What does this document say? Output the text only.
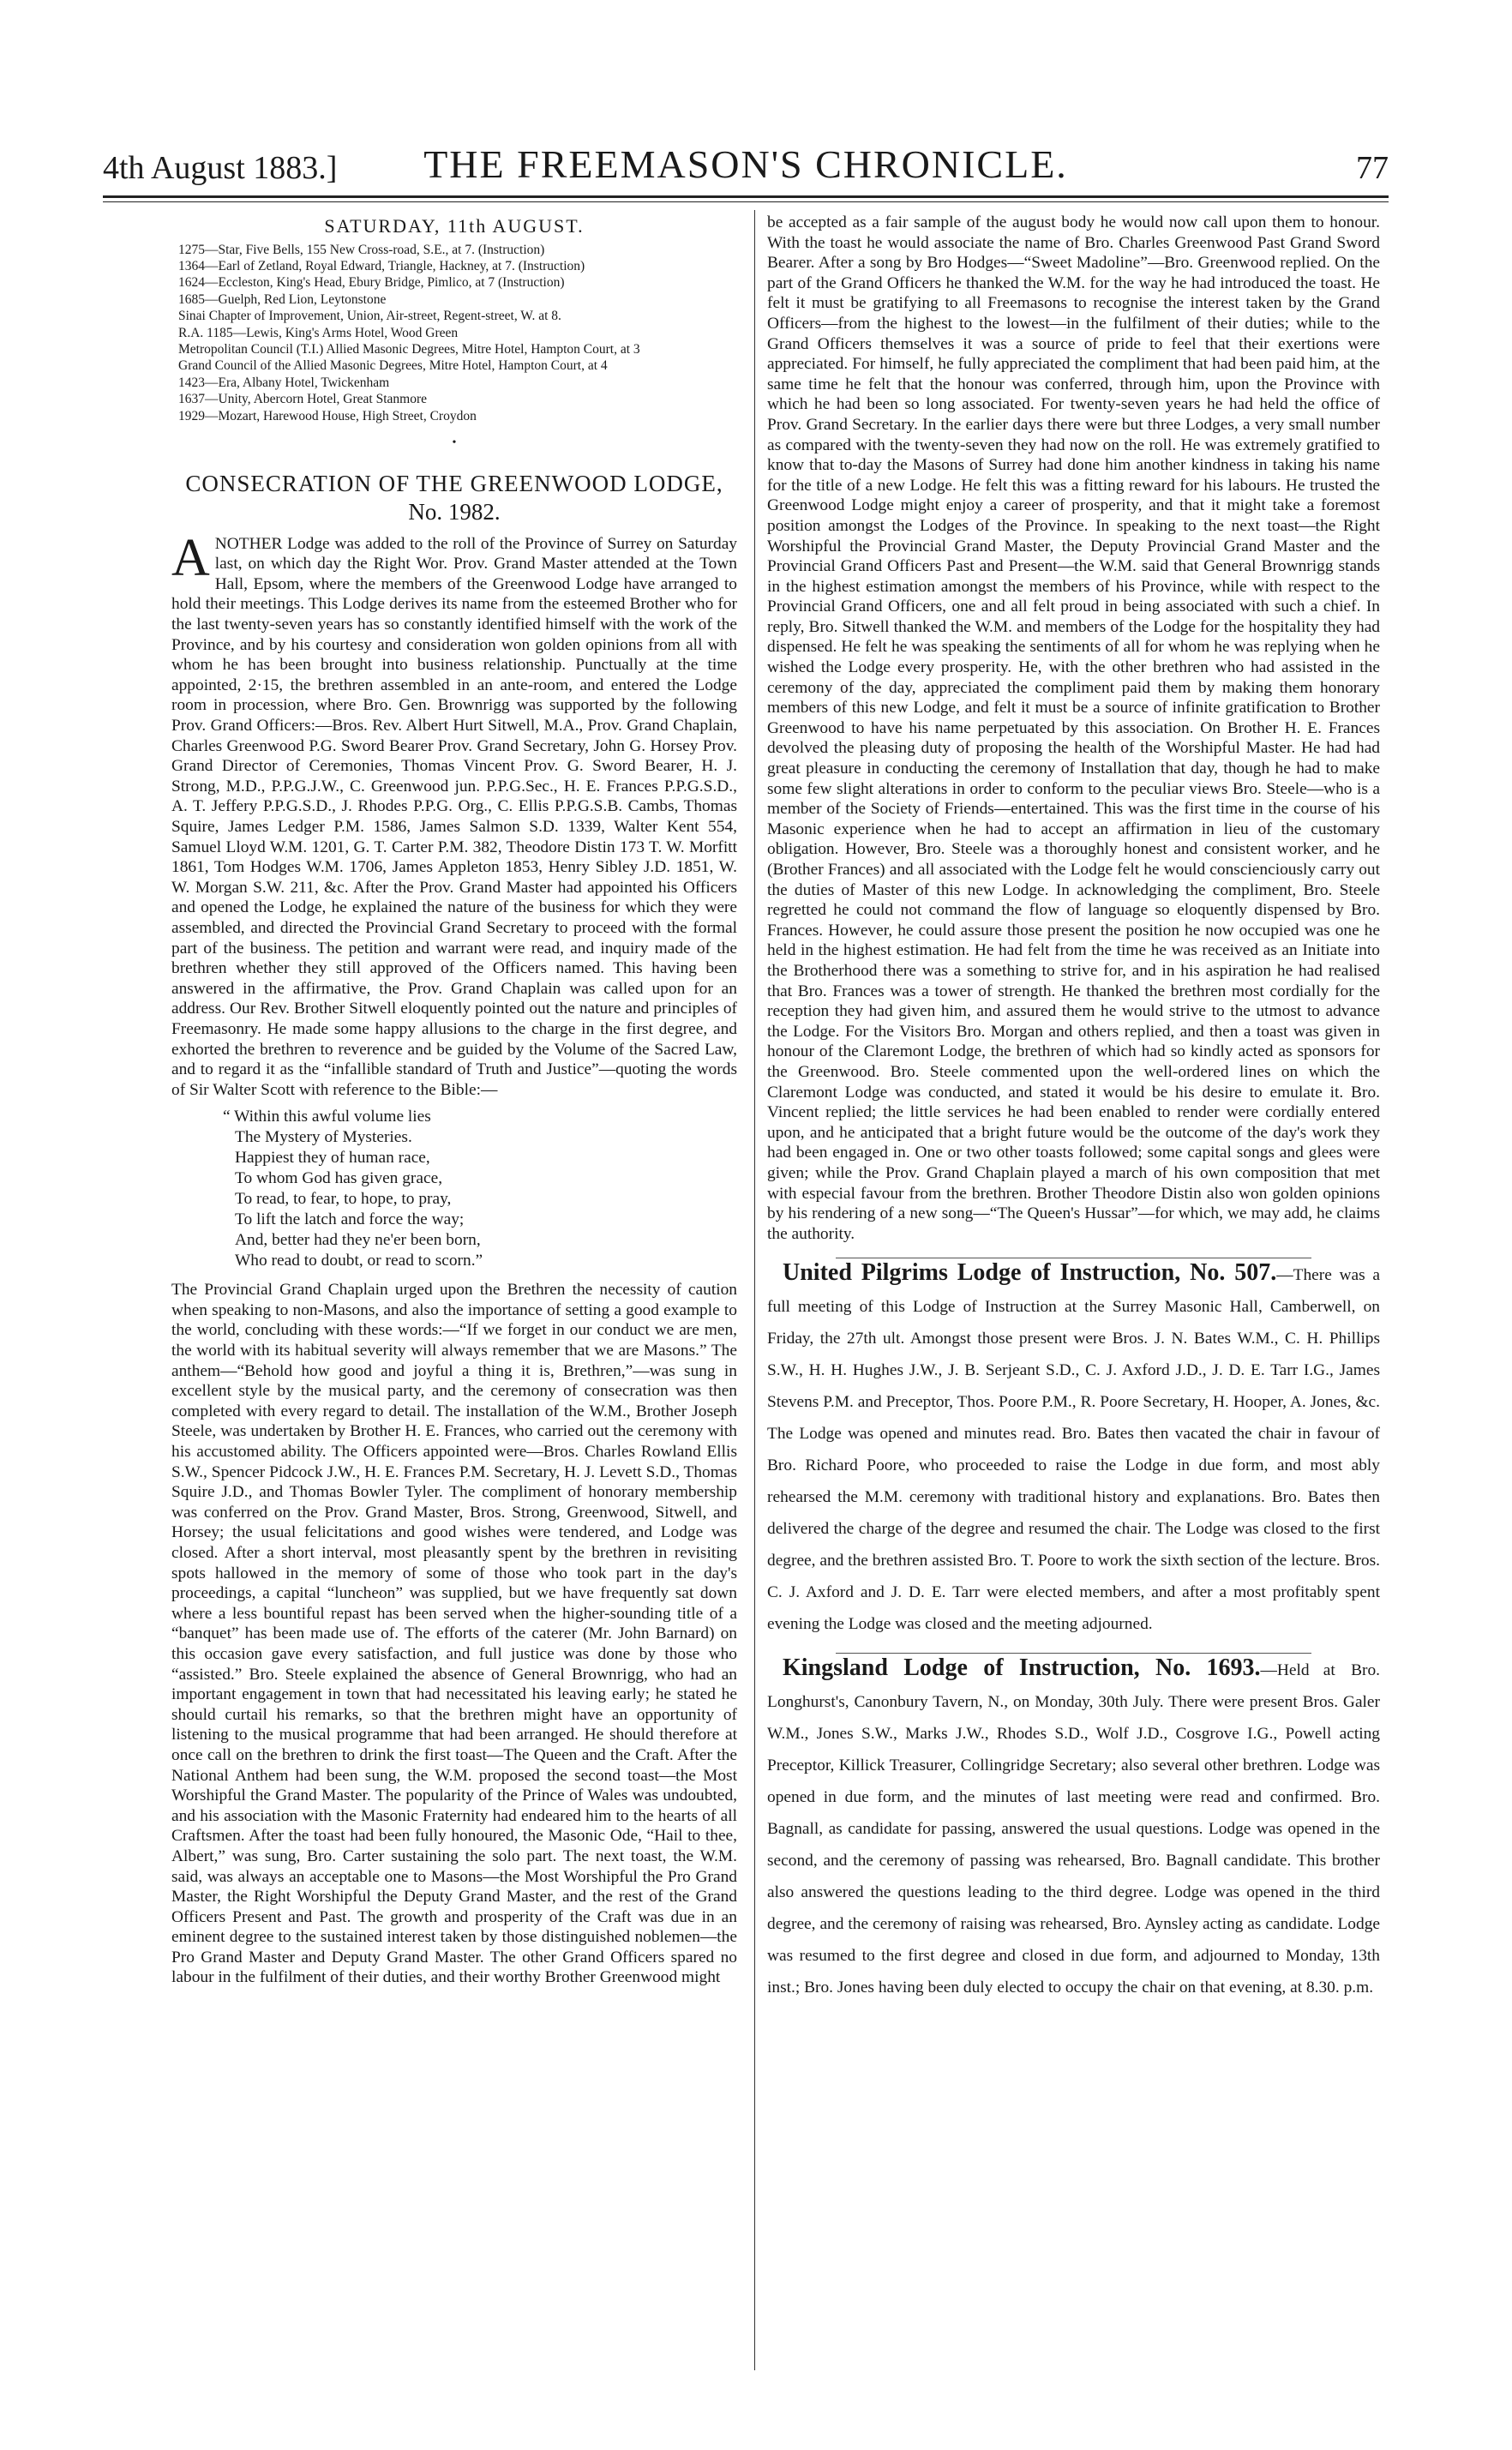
4th August 1883.]	THE FREEMASON'S CHRONICLE.	77
SATURDAY, 11th AUGUST.
1275—Star, Five Bells, 155 New Cross-road, S.E., at 7. (Instruction)
1364—Earl of Zetland, Royal Edward, Triangle, Hackney, at 7. (Instruction)
1624—Eccleston, King's Head, Ebury Bridge, Pimlico, at 7 (Instruction)
1685—Guelph, Red Lion, Leytonstone
Sinai Chapter of Improvement, Union, Air-street, Regent-street, W. at 8.
R.A. 1185—Lewis, King's Arms Hotel, Wood Green
Metropolitan Council (T.I.) Allied Masonic Degrees, Mitre Hotel, Hampton Court, at 3
Grand Council of the Allied Masonic Degrees, Mitre Hotel, Hampton Court, at 4
1423—Era, Albany Hotel, Twickenham
1637—Unity, Abercorn Hotel, Great Stanmore
1929—Mozart, Harewood House, High Street, Croydon
•
CONSECRATION OF THE GREENWOOD LODGE,
No. 1982.

ANOTHER Lodge was added to the roll of the Province of Surrey on Saturday last, on which day the Right Wor. Prov. Grand Master attended at the Town Hall, Epsom, where the members of the Greenwood Lodge have arranged to hold their meetings. This Lodge derives its name from the esteemed Brother who for the last twenty-seven years has so constantly identified himself with the work of the Province, and by his courtesy and consideration won golden opinions from all with whom he has been brought into business relationship. Punctually at the time appointed, 2·15, the brethren assembled in an ante-room, and entered the Lodge room in procession, where Bro. Gen. Brownrigg was supported by the following Prov. Grand Officers:—Bros. Rev. Albert Hurt Sitwell, M.A., Prov. Grand Chaplain, Charles Greenwood P.G. Sword Bearer Prov. Grand Secretary, John G. Horsey Prov. Grand Director of Ceremonies, Thomas Vincent Prov. G. Sword Bearer, H. J. Strong, M.D., P.P.G.J.W., C. Greenwood jun. P.P.G.Sec., H. E. Frances P.P.G.S.D., A. T. Jeffery P.P.G.S.D., J. Rhodes P.P.G. Org., C. Ellis P.P.G.S.B. Cambs, Thomas Squire, James Ledger P.M. 1586, James Salmon S.D. 1339, Walter Kent 554, Samuel Lloyd W.M. 1201, G. T. Carter P.M. 382, Theodore Distin 173 T. W. Morfitt 1861, Tom Hodges W.M. 1706, James Appleton 1853, Henry Sibley J.D. 1851, W. W. Morgan S.W. 211, &c. After the Prov. Grand Master had appointed his Officers and opened the Lodge, he explained the nature of the business for which they were assembled, and directed the Provincial Grand Secretary to proceed with the formal part of the business. The petition and warrant were read, and inquiry made of the brethren whether they still approved of the Officers named. This having been answered in the affirmative, the Prov. Grand Chaplain was called upon for an address. Our Rev. Brother Sitwell eloquently pointed out the nature and principles of Freemasonry. He made some happy allusions to the charge in the first degree, and exhorted the brethren to reverence and be guided by the Volume of the Sacred Law, and to regard it as the “infallible standard of Truth and Justice”—quoting the words of Sir Walter Scott with reference to the Bible:—

“ Within this awful volume lies
The Mystery of Mysteries.
Happiest they of human race,
To whom God has given grace,
To read, to fear, to hope, to pray,
To lift the latch and force the way;
And, better had they ne'er been born,
Who read to doubt, or read to scorn.”

The Provincial Grand Chaplain urged upon the Brethren the necessity of caution when speaking to non-Masons, and also the importance of setting a good example to the world, concluding with these words:—“If we forget in our conduct we are men, the world with its habitual severity will always remember that we are Masons.” The anthem—“Behold how good and joyful a thing it is, Brethren,”—was sung in excellent style by the musical party, and the ceremony of consecration was then completed with every regard to detail. The installation of the W.M., Brother Joseph Steele, was undertaken by Brother H. E. Frances, who carried out the ceremony with his accustomed ability. The Officers appointed were—Bros. Charles Rowland Ellis S.W., Spencer Pidcock J.W., H. E. Frances P.M. Secretary, H. J. Levett S.D., Thomas Squire J.D., and Thomas Bowler Tyler. The compliment of honorary membership was conferred on the Prov. Grand Master, Bros. Strong, Greenwood, Sitwell, and Horsey; the usual felicitations and good wishes were tendered, and Lodge was closed. After a short interval, most pleasantly spent by the brethren in revisiting spots hallowed in the memory of some of those who took part in the day's proceedings, a capital “luncheon” was supplied, but we have frequently sat down where a less bountiful repast has been served when the higher-sounding title of a “banquet” has been made use of. The efforts of the caterer (Mr. John Barnard) on this occasion gave every satisfaction, and full justice was done by those who “assisted.” Bro. Steele explained the absence of General Brownrigg, who had an important engagement in town that had necessitated his leaving early; he stated he should curtail his remarks, so that the brethren might have an opportunity of listening to the musical programme that had been arranged. He should therefore at once call on the brethren to drink the first toast—The Queen and the Craft. After the National Anthem had been sung, the W.M. proposed the second toast—the Most Worshipful the Grand Master. The popularity of the Prince of Wales was undoubted, and his association with the Masonic Fraternity had endeared him to the hearts of all Craftsmen. After the toast had been fully honoured, the Masonic Ode, “Hail to thee, Albert,” was sung, Bro. Carter sustaining the solo part. The next toast, the W.M. said, was always an acceptable one to Masons—the Most Worshipful the Pro Grand Master, the Right Worshipful the Deputy Grand Master, and the rest of the Grand Officers Present and Past. The growth and prosperity of the Craft was due in an eminent degree to the sustained interest taken by those distinguished noblemen—the Pro Grand Master and Deputy Grand Master. The other Grand Officers spared no labour in the fulfilment of their duties, and their worthy Brother Greenwood might

be accepted as a fair sample of the august body he would now call upon them to honour. With the toast he would associate the name of Bro. Charles Greenwood Past Grand Sword Bearer. After a song by Bro Hodges—“Sweet Madoline”—Bro. Greenwood replied. On the part of the Grand Officers he thanked the W.M. for the way he had introduced the toast. He felt it must be gratifying to all Freemasons to recognise the interest taken by the Grand Officers—from the highest to the lowest—in the fulfilment of their duties; while to the Grand Officers themselves it was a source of pride to feel that their exertions were appreciated. For himself, he fully appreciated the compliment that had been paid him, at the same time he felt that the honour was conferred, through him, upon the Province with which he had been so long associated. For twenty-seven years he had held the office of Prov. Grand Secretary. In the earlier days there were but three Lodges, a very small number as compared with the twenty-seven they had now on the roll. He was extremely gratified to know that to-day the Masons of Surrey had done him another kindness in taking his name for the title of a new Lodge. He felt this was a fitting reward for his labours. He trusted the Greenwood Lodge might enjoy a career of prosperity, and that it might take a foremost position amongst the Lodges of the Province. In speaking to the next toast—the Right Worshipful the Provincial Grand Master, the Deputy Provincial Grand Master and the Provincial Grand Officers Past and Present—the W.M. said that General Brownrigg stands in the highest estimation amongst the members of his Province, while with respect to the Provincial Grand Officers, one and all felt proud in being associated with such a chief. In reply, Bro. Sitwell thanked the W.M. and members of the Lodge for the hospitality they had dispensed. He felt he was speaking the sentiments of all for whom he was replying when he wished the Lodge every prosperity. He, with the other brethren who had assisted in the ceremony of the day, appreciated the compliment paid them by making them honorary members of this new Lodge, and felt it must be a source of infinite gratification to Brother Greenwood to have his name perpetuated by this association. On Brother H. E. Frances devolved the pleasing duty of proposing the health of the Worshipful Master. He had had great pleasure in conducting the ceremony of Installation that day, though he had to make some few slight alterations in order to conform to the peculiar views Bro. Steele—who is a member of the Society of Friends—entertained. This was the first time in the course of his Masonic experience when he had to accept an affirmation in lieu of the customary obligation. However, Bro. Steele was a thoroughly honest and consistent worker, and he (Brother Frances) and all associated with the Lodge felt he would conscienciously carry out the duties of Master of this new Lodge. In acknowledging the compliment, Bro. Steele regretted he could not command the flow of language so eloquently dispensed by Bro. Frances. However, he could assure those present the position he now occupied was one he held in the highest estimation. He had felt from the time he was received as an Initiate into the Brotherhood there was a something to strive for, and in his aspiration he had realised that Bro. Frances was a tower of strength. He thanked the brethren most cordially for the reception they had given him, and assured them he would strive to the utmost to advance the Lodge. For the Visitors Bro. Morgan and others replied, and then a toast was given in honour of the Claremont Lodge, the brethren of which had so kindly acted as sponsors for the Greenwood. Bro. Steele commented upon the well-ordered lines on which the Claremont Lodge was conducted, and stated it would be his desire to emulate it. Bro. Vincent replied; the little services he had been enabled to render were cordially entered upon, and he anticipated that a bright future would be the outcome of the day's work they had been engaged in. One or two other toasts followed; some capital songs and glees were given; while the Prov. Grand Chaplain played a march of his own composition that met with especial favour from the brethren. Brother Theodore Distin also won golden opinions by his rendering of a new song—“The Queen's Hussar”—for which, we may add, he claims the authority.

United Pilgrims Lodge of Instruction, No. 507.—There was a full meeting of this Lodge of Instruction at the Surrey Masonic Hall, Camberwell, on Friday, the 27th ult. Amongst those present were Bros. J. N. Bates W.M., C. H. Phillips S.W., H. H. Hughes J.W., J. B. Serjeant S.D., C. J. Axford J.D., J. D. E. Tarr I.G., James Stevens P.M. and Preceptor, Thos. Poore P.M., R. Poore Secretary, H. Hooper, A. Jones, &c. The Lodge was opened and minutes read. Bro. Bates then vacated the chair in favour of Bro. Richard Poore, who proceeded to raise the Lodge in due form, and most ably rehearsed the M.M. ceremony with traditional history and explanations. Bro. Bates then delivered the charge of the degree and resumed the chair. The Lodge was closed to the first degree, and the brethren assisted Bro. T. Poore to work the sixth section of the lecture. Bros. C. J. Axford and J. D. E. Tarr were elected members, and after a most profitably spent evening the Lodge was closed and the meeting adjourned.

Kingsland Lodge of Instruction, No. 1693.—Held at Bro. Longhurst's, Canonbury Tavern, N., on Monday, 30th July. There were present Bros. Galer W.M., Jones S.W., Marks J.W., Rhodes S.D., Wolf J.D., Cosgrove I.G., Powell acting Preceptor, Killick Treasurer, Collingridge Secretary; also several other brethren. Lodge was opened in due form, and the minutes of last meeting were read and confirmed. Bro. Bagnall, as candidate for passing, answered the usual questions. Lodge was opened in the second, and the ceremony of passing was rehearsed, Bro. Bagnall candidate. This brother also answered the questions leading to the third degree. Lodge was opened in the third degree, and the ceremony of raising was rehearsed, Bro. Aynsley acting as candidate. Lodge was resumed to the first degree and closed in due form, and adjourned to Monday, 13th inst.; Bro. Jones having been duly elected to occupy the chair on that evening, at 8.30. p.m.
